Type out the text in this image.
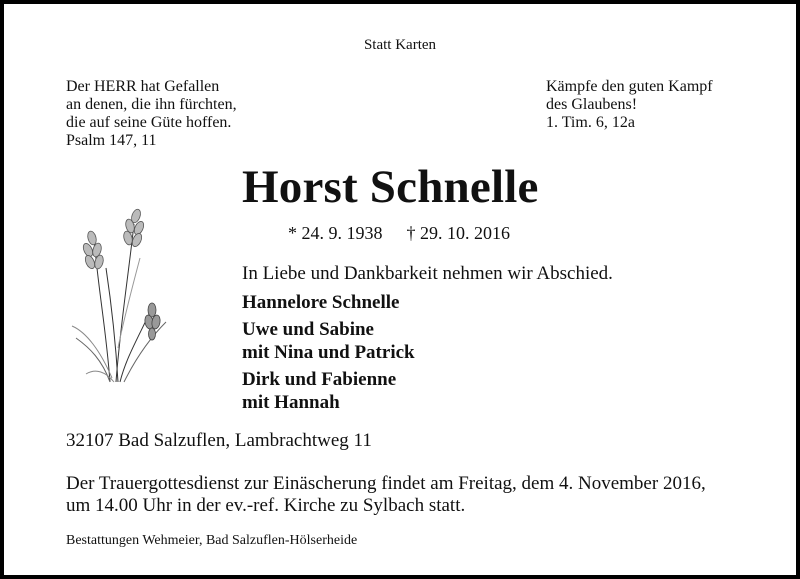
Statt Karten
Der HERR hat Gefallen
an denen, die ihn fürchten,
die auf seine Güte hoffen.
Psalm 147, 11
Kämpfe den guten Kampf
des Glaubens!
1. Tim. 6, 12a
Horst Schnelle
* 24. 9. 1938 † 29. 10. 2016
In Liebe und Dankbarkeit nehmen wir Abschied.
Hannelore Schnelle
Uwe und Sabine
mit Nina und Patrick
Dirk und Fabienne
mit Hannah
32107 Bad Salzuflen, Lambrachtweg 11
Der Trauergottesdienst zur Einäscherung findet am Freitag, dem 4. November 2016,
um 14.00 Uhr in der ev.-ref. Kirche zu Sylbach statt.
Bestattungen Wehmeier, Bad Salzuflen-Hölserheide
